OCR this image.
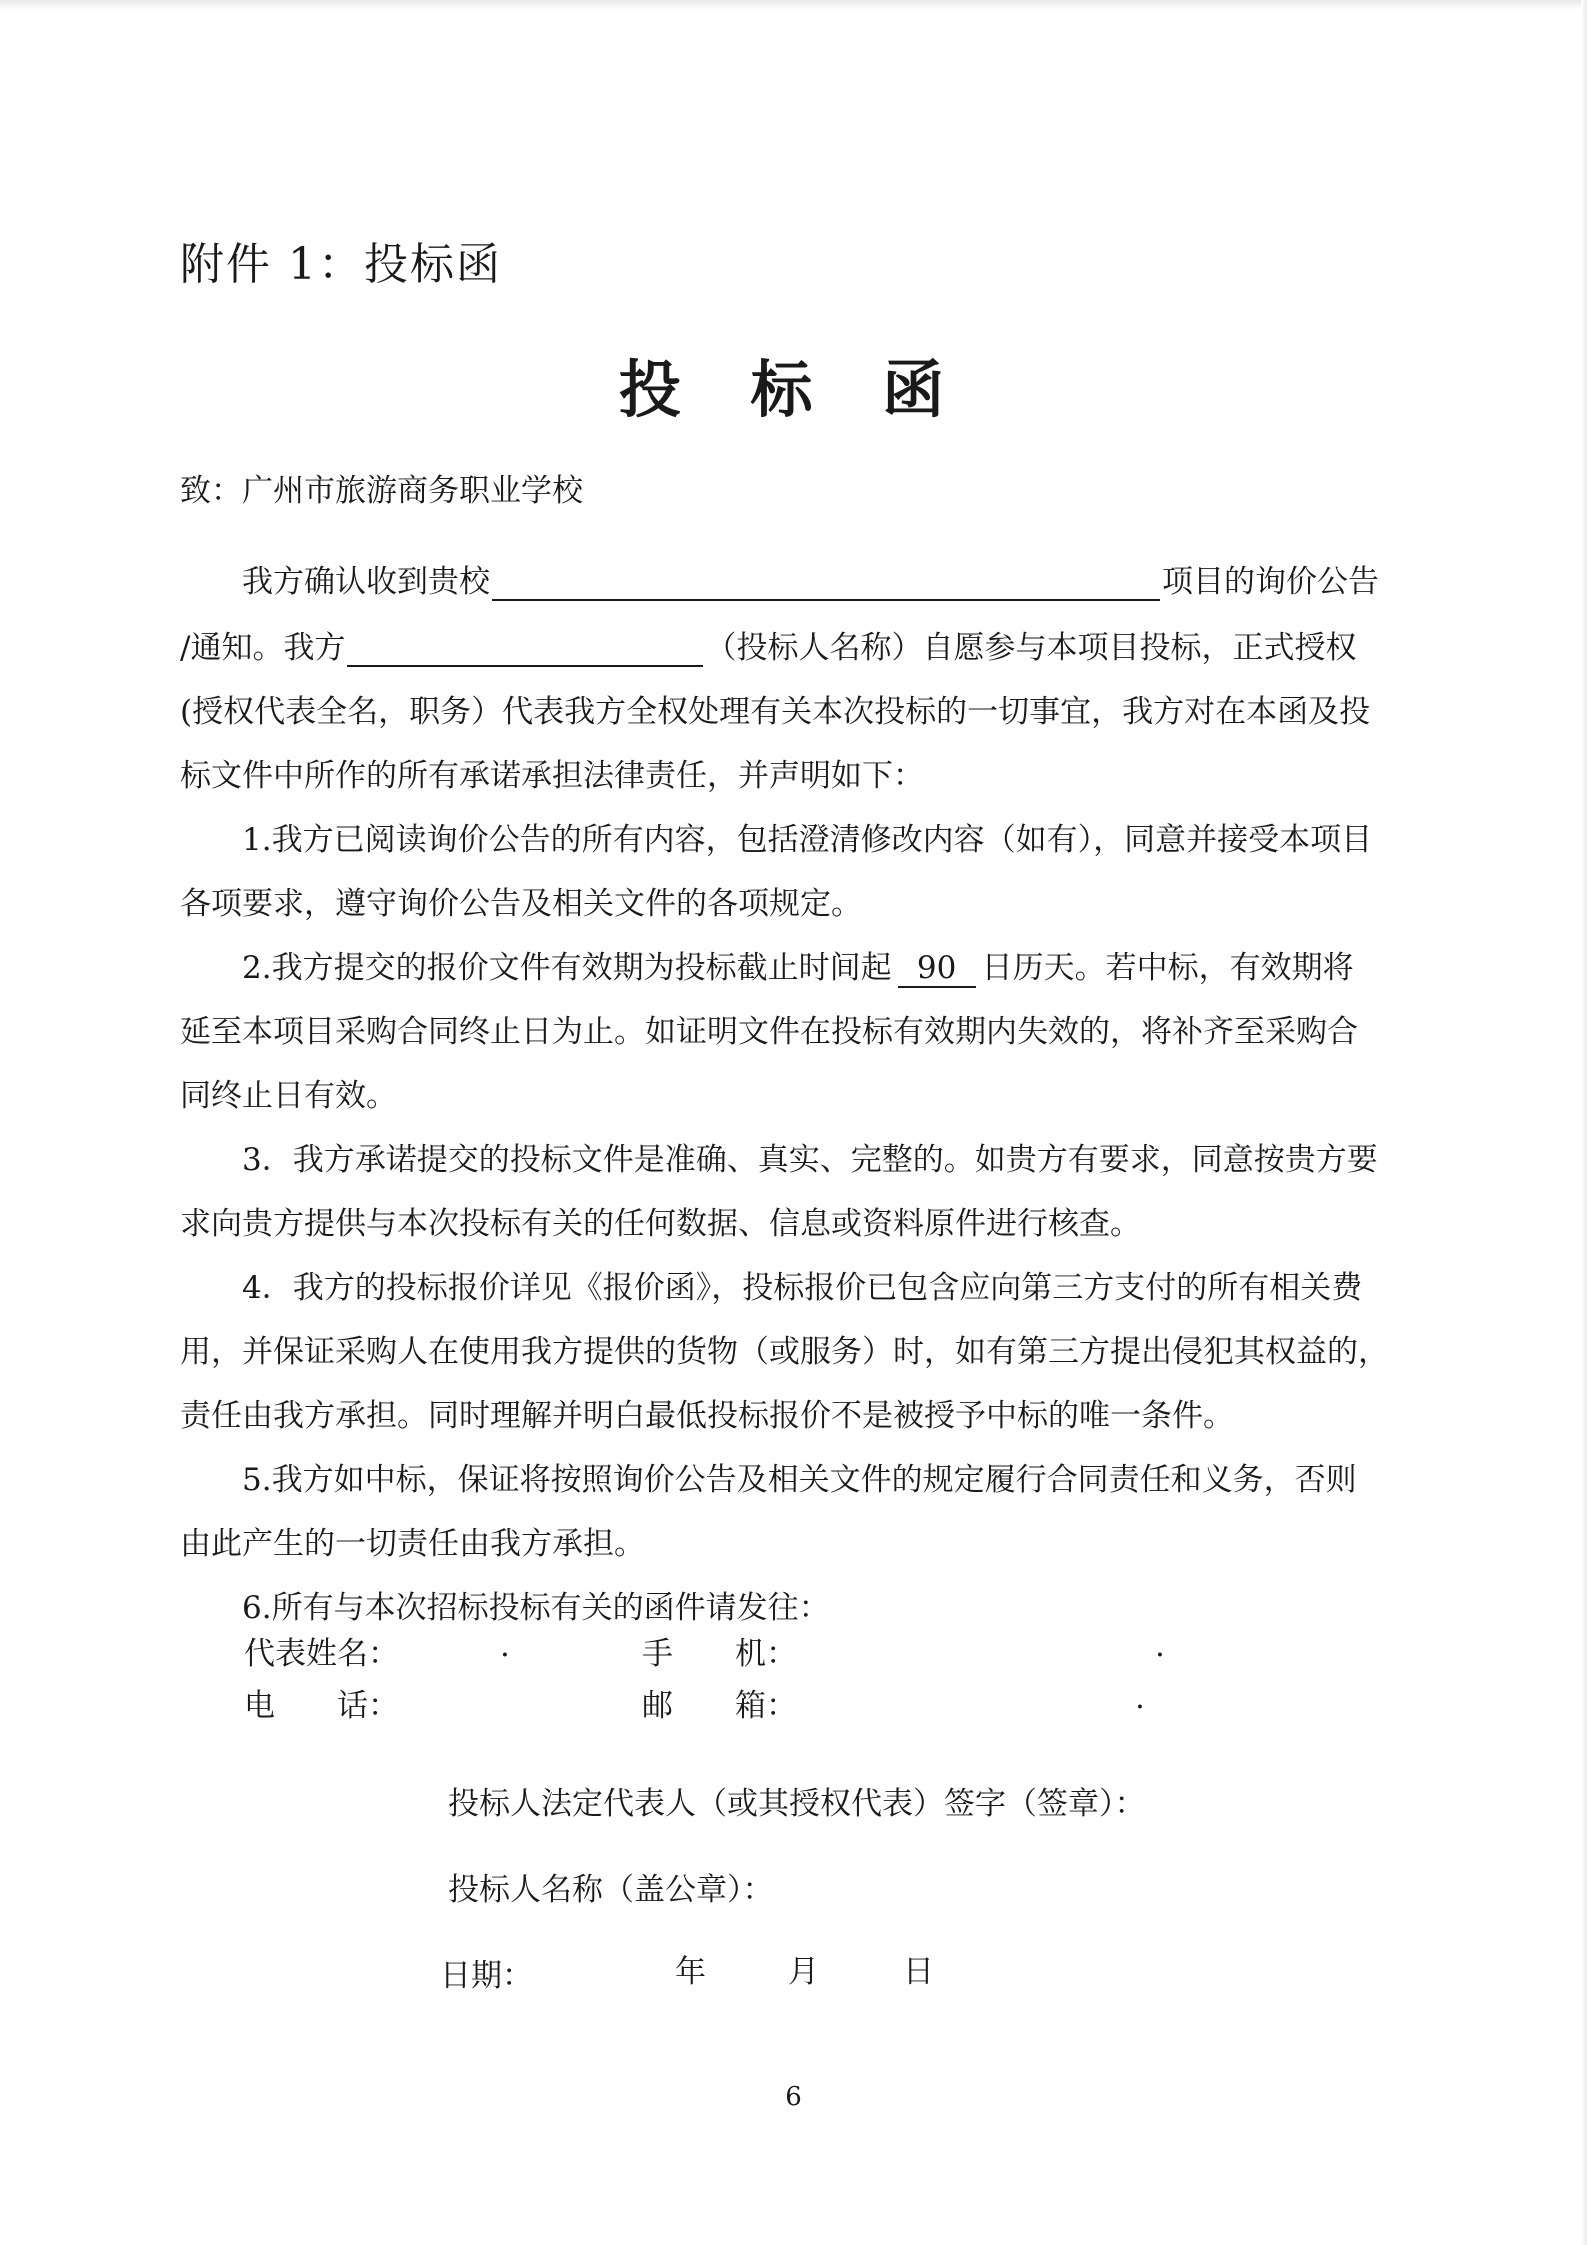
附件 1：投标函
投 标 函
致：广州市旅游商务职业学校
我方确认收到贵校	项目的询价公告
/通知。我方	（投标人名称）自愿参与本项目投标，正式授权
(授权代表全名，职务）代表我方全权处理有关本次投标的一切事宜，我方对在本函及投
标文件中所作的所有承诺承担法律责任，并声明如下：
1.我方已阅读询价公告的所有内容，包括澄清修改内容（如有），同意并接受本项目
各项要求，遵守询价公告及相关文件的各项规定。
2.我方提交的报价文件有效期为投标截止时间起 90 日历天。若中标，有效期将
延至本项目采购合同终止日为止。如证明文件在投标有效期内失效的，将补齐至采购合
同终止日有效。
3．我方承诺提交的投标文件是准确、真实、完整的。如贵方有要求，同意按贵方要
求向贵方提供与本次投标有关的任何数据、信息或资料原件进行核查。
4．我方的投标报价详见《报价函》，投标报价已包含应向第三方支付的所有相关费
用，并保证采购人在使用我方提供的货物（或服务）时，如有第三方提出侵犯其权益的，
责任由我方承担。同时理解并明白最低投标报价不是被授予中标的唯一条件。
5.我方如中标，保证将按照询价公告及相关文件的规定履行合同责任和义务，否则
由此产生的一切责任由我方承担。
6.所有与本次招标投标有关的函件请发往：
代表姓名：	.	手　　机：	.
电　　话：	邮　　箱：	.
投标人法定代表人（或其授权代表）签字（签章）：
投标人名称（盖公章）：
日期：	年	月	日
6
